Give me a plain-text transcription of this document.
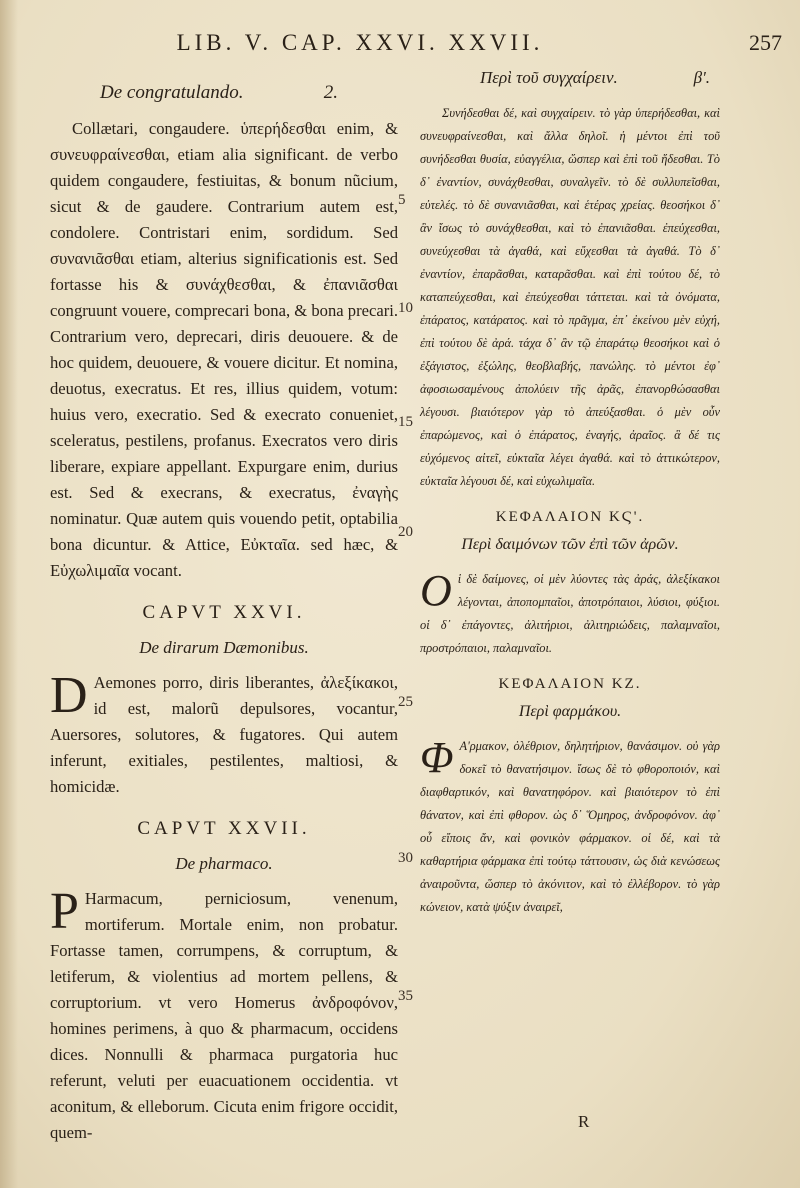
LIB. V. CAP. XXVI. XXVII.	257
De congratulando.	2.

Collætari, congaudere. ὑπερήδεσθαι enim, & συνευφραίνεσθαι, etiam alia significant. de verbo quidem congaudere, festiuitas, & bonum nũcium, sicut & de gaudere. Contrarium autem est, condolere. Contristari enim, sordidum. Sed συνανιᾶσθαι etiam, alterius significationis est. Sed fortasse his & συνάχθεσθαι, & ἐπανιᾶσθαι congruunt vouere, comprecari bona, & bona precari. Contrarium vero, deprecari, diris deuouere. & de hoc quidem, deuouere, & vouere dicitur. Et nomina, deuotus, execratus. Et res, illius quidem, votum: huius vero, execratio. Sed & execrato conueniet, sceleratus, pestilens, profanus. Execratos vero diris liberare, expiare appellant. Expurgare enim, durius est. Sed & execrans, & execratus, ἐναγὴς nominatur. Quæ autem quis vouendo petit, optabilia bona dicuntur. & Attice, Εὐκταῖα. sed hæc, & Εὐχωλιμαῖα vocant.

CAPVT XXVI.
De dirarum Dæmonibus.

D Aemones porro, diris liberantes, ἀλεξίκακοι, id est, malorũ depulsores, vocantur, Auersores, solutores, & fugatores. Qui autem inferunt, exitiales, pestilentes, maltiosi, & homicidæ.

CAPVT XXVII.
De pharmaco.

P Harmacum, perniciosum, venenum, mortiferum. Mortale enim, non probatur. Fortasse tamen, corrumpens, & corruptum, & letiferum, & violentius ad mortem pellens, & corruptorium. vt vero Homerus ἀνδροφόνον, homines perimens, à quo & pharmacum, occidens dices. Nonnulli & pharmaca purgatoria huc referunt, veluti per euacuationem occidentia. vt aconitum, & elleborum. Cicuta enim frigore occidit, quem-

5
10
15
20
25
30
35
Περὶ τοῦ συγχαίρειν.	β'.

Συνήδεσθαι δέ, καὶ συγχαίρειν. τὸ γὰρ ὑπερήδεσθαι, καὶ συνευφραίνεσθαι, καὶ ἄλλα δηλοῖ. ἡ μέντοι ἐπὶ τοῦ συνήδεσθαι θυσία, εὐαγγέλια, ὥσπερ καὶ ἐπὶ τοῦ ἥδεσθαι. Τὸ δ᾽ ἐναντίον, συνάχθεσθαι, συναλγεῖν. τὸ δὲ συλλυπεῖσθαι, εὐτελές. τὸ δὲ συνανιᾶσθαι, καὶ ἑτέρας χρείας. θεοσήκοι δ᾽ ἂν ἴσως τὸ συνάχθεσθαι, καὶ τὸ ἐπανιᾶσθαι. ἐπεύχεσθαι, συνεύχεσθαι τὰ ἀγαθά, καὶ εὔχεσθαι τὰ ἀγαθά. Τὸ δ᾽ ἐναντίον, ἐπαρᾶσθαι, καταρᾶσθαι. καὶ ἐπὶ τούτου δέ, τὸ καταπεύχεσθαι, καὶ ἐπεύχεσθαι τάττεται. καὶ τὰ ὀνόματα, ἐπάρατος, κατάρατος. καὶ τὸ πρᾶγμα, ἐπ᾽ ἐκείνου μὲν εὐχή, ἐπὶ τούτου δὲ ἀρά. τάχα δ᾽ ἂν τῷ ἐπαράτῳ θεοσήκοι καὶ ὁ ἐξάγιστος, ἐξώλης, θεοβλαβής, πανώλης. τὸ μέντοι ἐφ᾽ ἀφοσιωσαμένους ἀπολύειν τῆς ἀρᾶς, ἐπανορθώσασθαι λέγουσι. βιαιότερον γὰρ τὸ ἀπεύξασθαι. ὁ μὲν οὖν ἐπαρώμενος, καὶ ὁ ἐπάρατος, ἐναγής, ἀραῖος. ἃ δέ τις εὐχόμενος αἰτεῖ, εὐκταῖα λέγει ἀγαθά. καὶ τὸ ἀττικώτερον, εὐκταῖα λέγουσι δέ, καὶ εὐχωλιμαῖα.

ΚΕΦΑΛΑΙΟΝ ΚϚ'.
Περὶ δαιμόνων τῶν ἐπὶ τῶν ἀρῶν.

O ἱ δὲ δαίμονες, οἱ μὲν λύοντες τὰς ἀράς, ἀλεξίκακοι λέγονται, ἀποπομπαῖοι, ἀποτρόπαιοι, λύσιοι, φύξιοι. οἱ δ᾽ ἐπάγοντες, ἀλιτήριοι, ἀλιτηριώδεις, παλαμναῖοι, προστρόπαιοι, παλαμναῖοι.

ΚΕΦΑΛΑΙΟΝ ΚΖ.
Περὶ φαρμάκου.

Φ Α'ρμακον, ὀλέθριον, δηλητήριον, θανάσιμον. οὐ γὰρ δοκεῖ τὸ θανατήσιμον. ἴσως δὲ τὸ φθοροποιόν, καὶ διαφθαρτικόν, καὶ θανατηφόρον. καὶ βιαιότερον τὸ ἐπὶ θάνατον, καὶ ἐπὶ φθορον. ὡς δ᾽ Ὅμηρος, ἀνδροφόνον. ἀφ᾽ οὗ εἴποις ἄν, καὶ φονικὸν φάρμακον. οἱ δέ, καὶ τὰ καθαρτήρια φάρμακα ἐπὶ τούτῳ τάττουσιν, ὡς διὰ κενώσεως ἀναιροῦντα, ὥσπερ τὸ ἀκόνιτον, καὶ τὸ ἐλλέβορον. τὸ γὰρ κώνειον, κατὰ ψύξιν ἀναιρεῖ,

R
